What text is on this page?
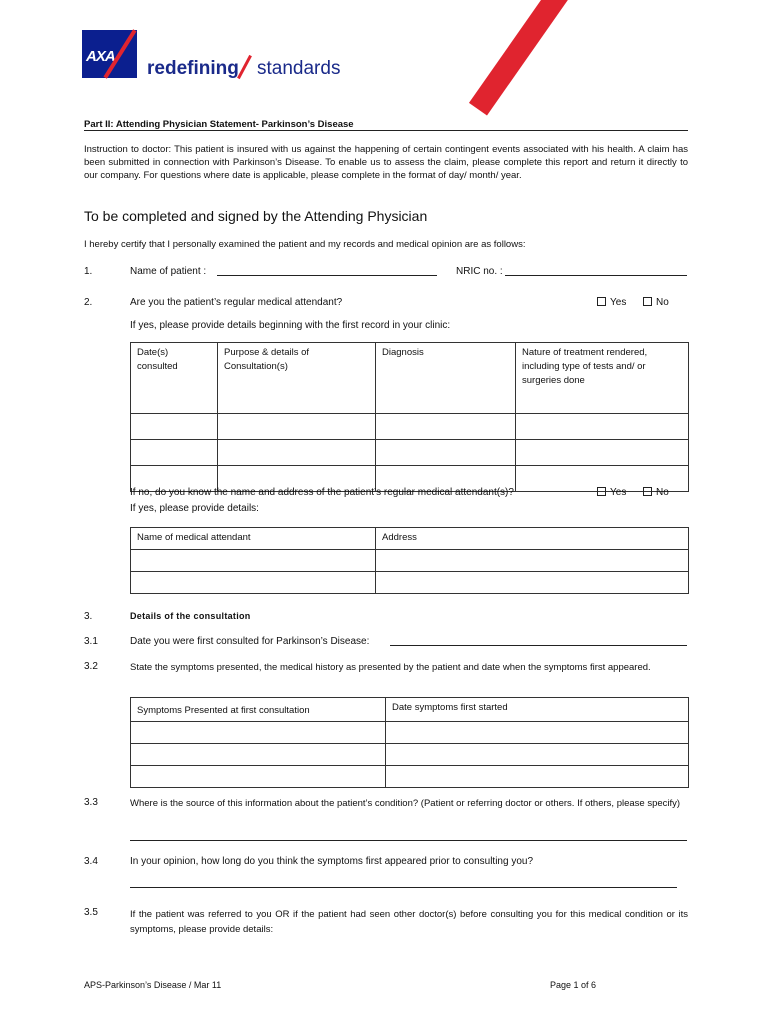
AXA
redefining standards
Part II: Attending Physician Statement- Parkinson’s Disease
Instruction to doctor: This patient is insured with us against the happening of certain contingent events associated with his health. A claim has been submitted in connection with Parkinson’s Disease. To enable us to assess the claim, please complete this report and return it directly to our company. For questions where date is applicable, please complete in the format of day/ month/ year.
To be completed and signed by the Attending Physician
I hereby certify that I personally examined the patient and my records and medical opinion are as follows:
1.	Name of patient :	NRIC no. :
2.	Are you the patient’s regular medical attendant?	Yes	No
If yes, please provide details beginning with the first record in your clinic:
Date(s) consulted	Purpose & details of Consultation(s)	Diagnosis	Nature of treatment rendered, including type of tests and/ or surgeries done

If no, do you know the name and address of the patient’s regular medical attendant(s)?	Yes	No
If yes, please provide details:
Name of medical attendant	Address

3.	Details of the consultation
3.1	Date you were first consulted for Parkinson’s Disease:
3.2	State the symptoms presented, the medical history as presented by the patient and date when the symptoms first appeared.
Symptoms Presented at first consultation	Date symptoms first started

3.3	Where is the source of this information about the patient’s condition? (Patient or referring doctor or others. If others, please specify)
3.4	In your opinion, how long do you think the symptoms first appeared prior to consulting you?
3.5	If the patient was referred to you OR if the patient had seen other doctor(s) before consulting you for this medical condition or its symptoms, please provide details:
APS-Parkinson’s Disease / Mar 11	Page 1 of 6
